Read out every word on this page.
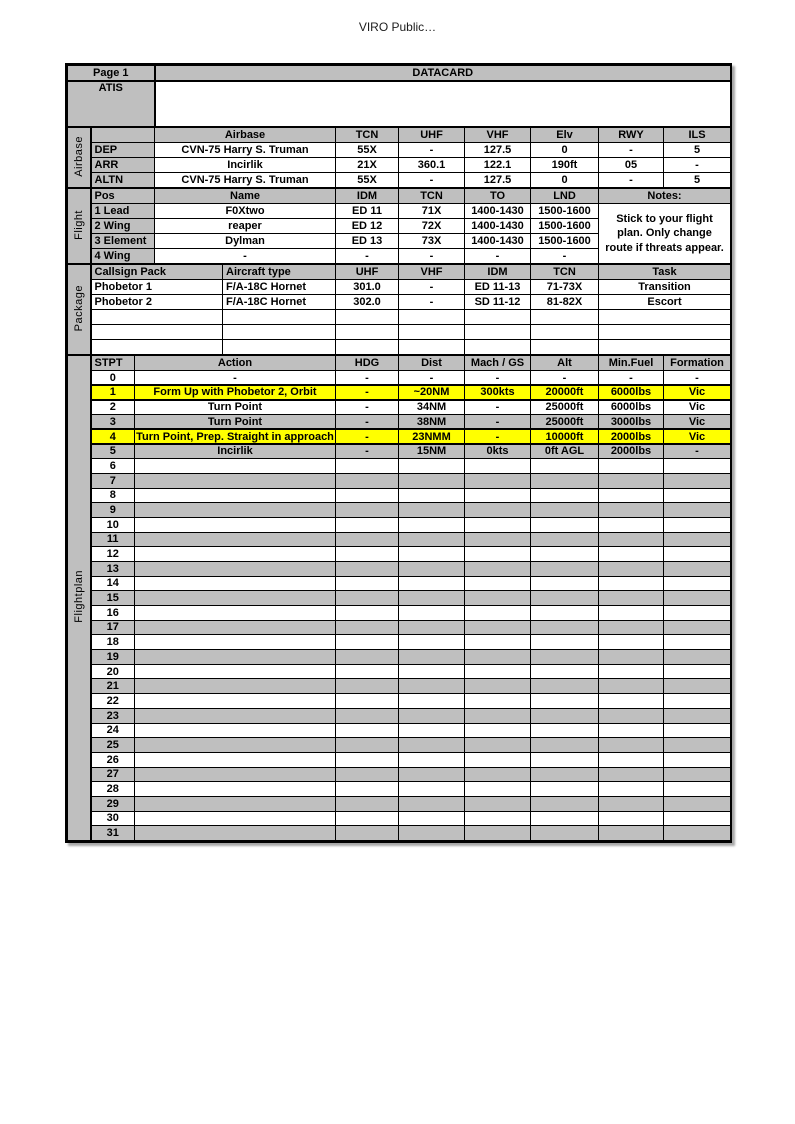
VIRO Public…
Page 1	DATACARD
ATIS	
Airbase		Airbase	TCN	UHF	VHF	Elv	RWY	ILS
	DEP	CVN-75 Harry S. Truman	55X	-	127.5	0	-	5
	ARR	Incirlik	21X	360.1	122.1	190ft	05	-
	ALTN	CVN-75 Harry S. Truman	55X	-	127.5	0	-	5
Flight	Pos	Name	IDM	TCN	TO	LND	Notes:
	1 Lead	F0Xtwo	ED 11	71X	1400-1430	1500-1600	Stick to your flight plan. Only change route if threats appear.
	2 Wing	reaper	ED 12	72X	1400-1430	1500-1600	
	3 Element	Dylman	ED 13	73X	1400-1430	1500-1600	
	4 Wing	-	-	-	-	-	
Package	Callsign Pack	Aircraft type	UHF	VHF	IDM	TCN	Task
	Phobetor 1	F/A-18C Hornet	301.0	-	ED 11-13	71-73X	Transition
	Phobetor 2	F/A-18C Hornet	302.0	-	SD 11-12	81-82X	Escort

Flightplan	STPT	Action	HDG	Dist	Mach / GS	Alt	Min.Fuel	Formation
	0	-	-	-	-	-	-	-
	1	Form Up with Phobetor 2, Orbit	-	~20NM	300kts	20000ft	6000lbs	Vic
	2	Turn Point	-	34NM	-	25000ft	6000lbs	Vic
	3	Turn Point	-	38NM	-	25000ft	3000lbs	Vic
	4	Turn Point, Prep. Straight in approach	-	23NMM	-	10000ft	2000lbs	Vic
	5	Incirlik	-	15NM	0kts	0ft AGL	2000lbs	-
	6							
	7							
	8							
	9							
	10							
	11							
	12							
	13							
	14							
	15							
	16							
	17							
	18							
	19							
	20							
	21							
	22							
	23							
	24							
	25							
	26							
	27							
	28							
	29							
	30							
	31							
